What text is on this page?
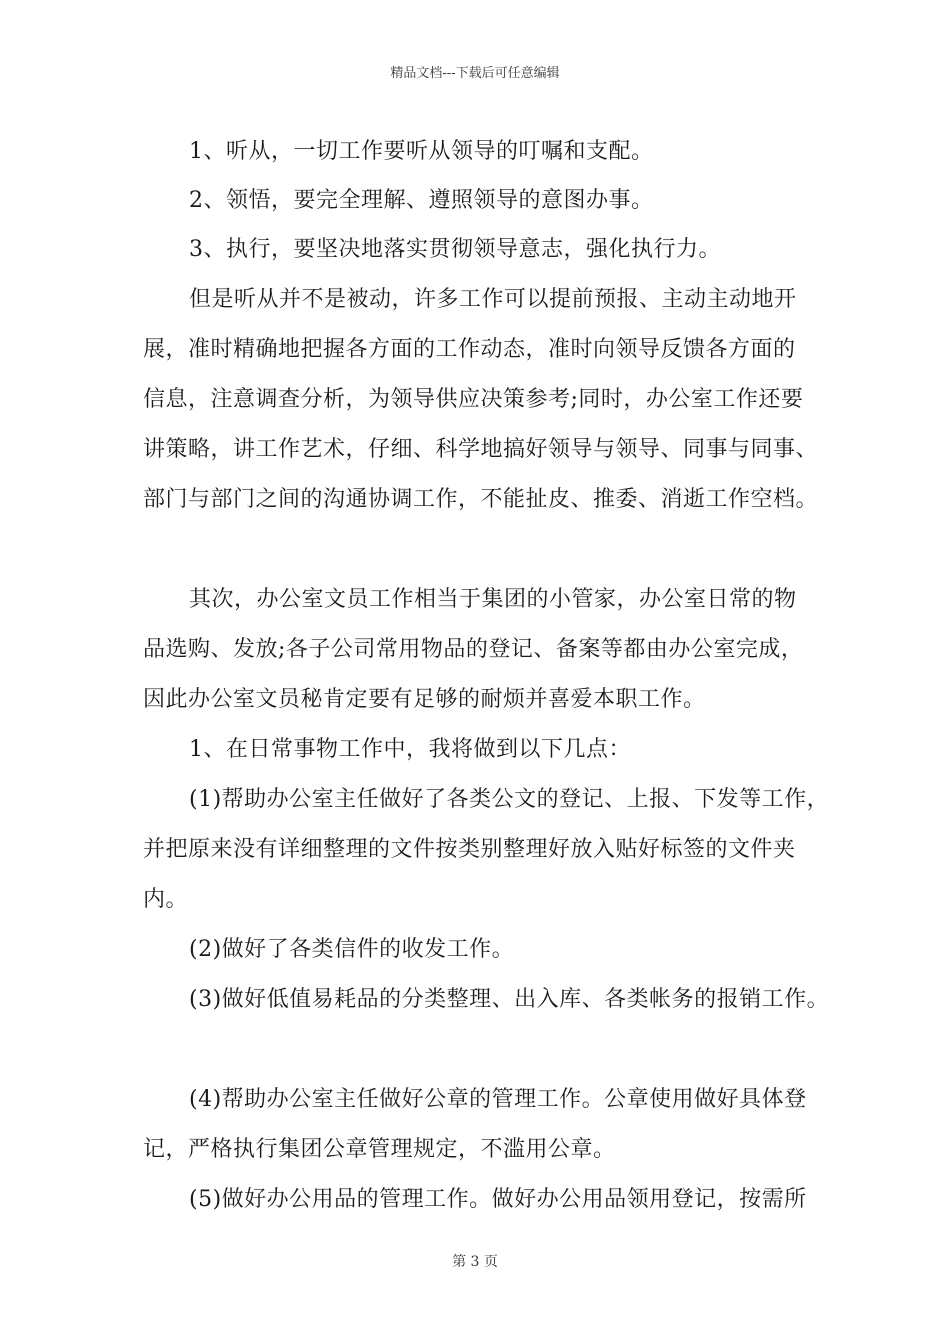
精品文档---下载后可任意编辑
1、听从，一切工作要听从领导的叮嘱和支配。
2、领悟，要完全理解、遵照领导的意图办事。
3、执行，要坚决地落实贯彻领导意志，强化执行力。
但是听从并不是被动，许多工作可以提前预报、主动主动地开
展，准时精确地把握各方面的工作动态，准时向领导反馈各方面的
信息，注意调查分析，为领导供应决策参考;同时，办公室工作还要
讲策略，讲工作艺术，仔细、科学地搞好领导与领导、同事与同事、
部门与部门之间的沟通协调工作，不能扯皮、推委、消逝工作空档。
其次，办公室文员工作相当于集团的小管家，办公室日常的物
品选购、发放;各子公司常用物品的登记、备案等都由办公室完成，
因此办公室文员秘肯定要有足够的耐烦并喜爱本职工作。
1、在日常事物工作中，我将做到以下几点：
(1)帮助办公室主任做好了各类公文的登记、上报、下发等工作，
并把原来没有详细整理的文件按类别整理好放入贴好标签的文件夹
内。
(2)做好了各类信件的收发工作。
(3)做好低值易耗品的分类整理、出入库、各类帐务的报销工作。
(4)帮助办公室主任做好公章的管理工作。公章使用做好具体登
记，严格执行集团公章管理规定，不滥用公章。
(5)做好办公用品的管理工作。做好办公用品领用登记，按需所
第 3 页
